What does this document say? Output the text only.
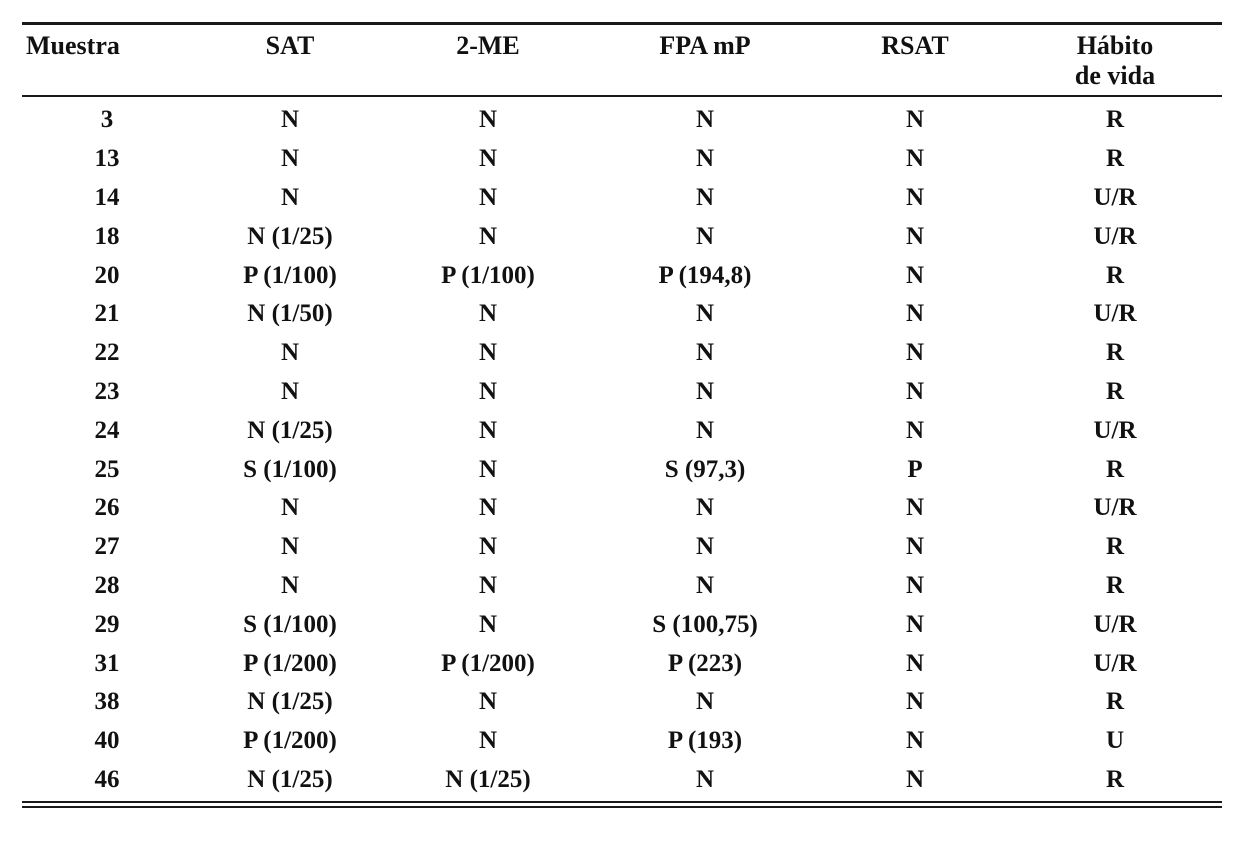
Muestra	SAT	2-ME	FPA mP	RSAT	Hábito
de vida
3	N	N	N	N	R
13	N	N	N	N	R
14	N	N	N	N	U/R
18	N (1/25)	N	N	N	U/R
20	P (1/100)	P (1/100)	P (194,8)	N	R
21	N (1/50)	N	N	N	U/R
22	N	N	N	N	R
23	N	N	N	N	R
24	N (1/25)	N	N	N	U/R
25	S (1/100)	N	S (97,3)	P	R
26	N	N	N	N	U/R
27	N	N	N	N	R
28	N	N	N	N	R
29	S (1/100)	N	S (100,75)	N	U/R
31	P (1/200)	P (1/200)	P (223)	N	U/R
38	N (1/25)	N	N	N	R
40	P (1/200)	N	P (193)	N	U
46	N (1/25)	N (1/25)	N	N	R
